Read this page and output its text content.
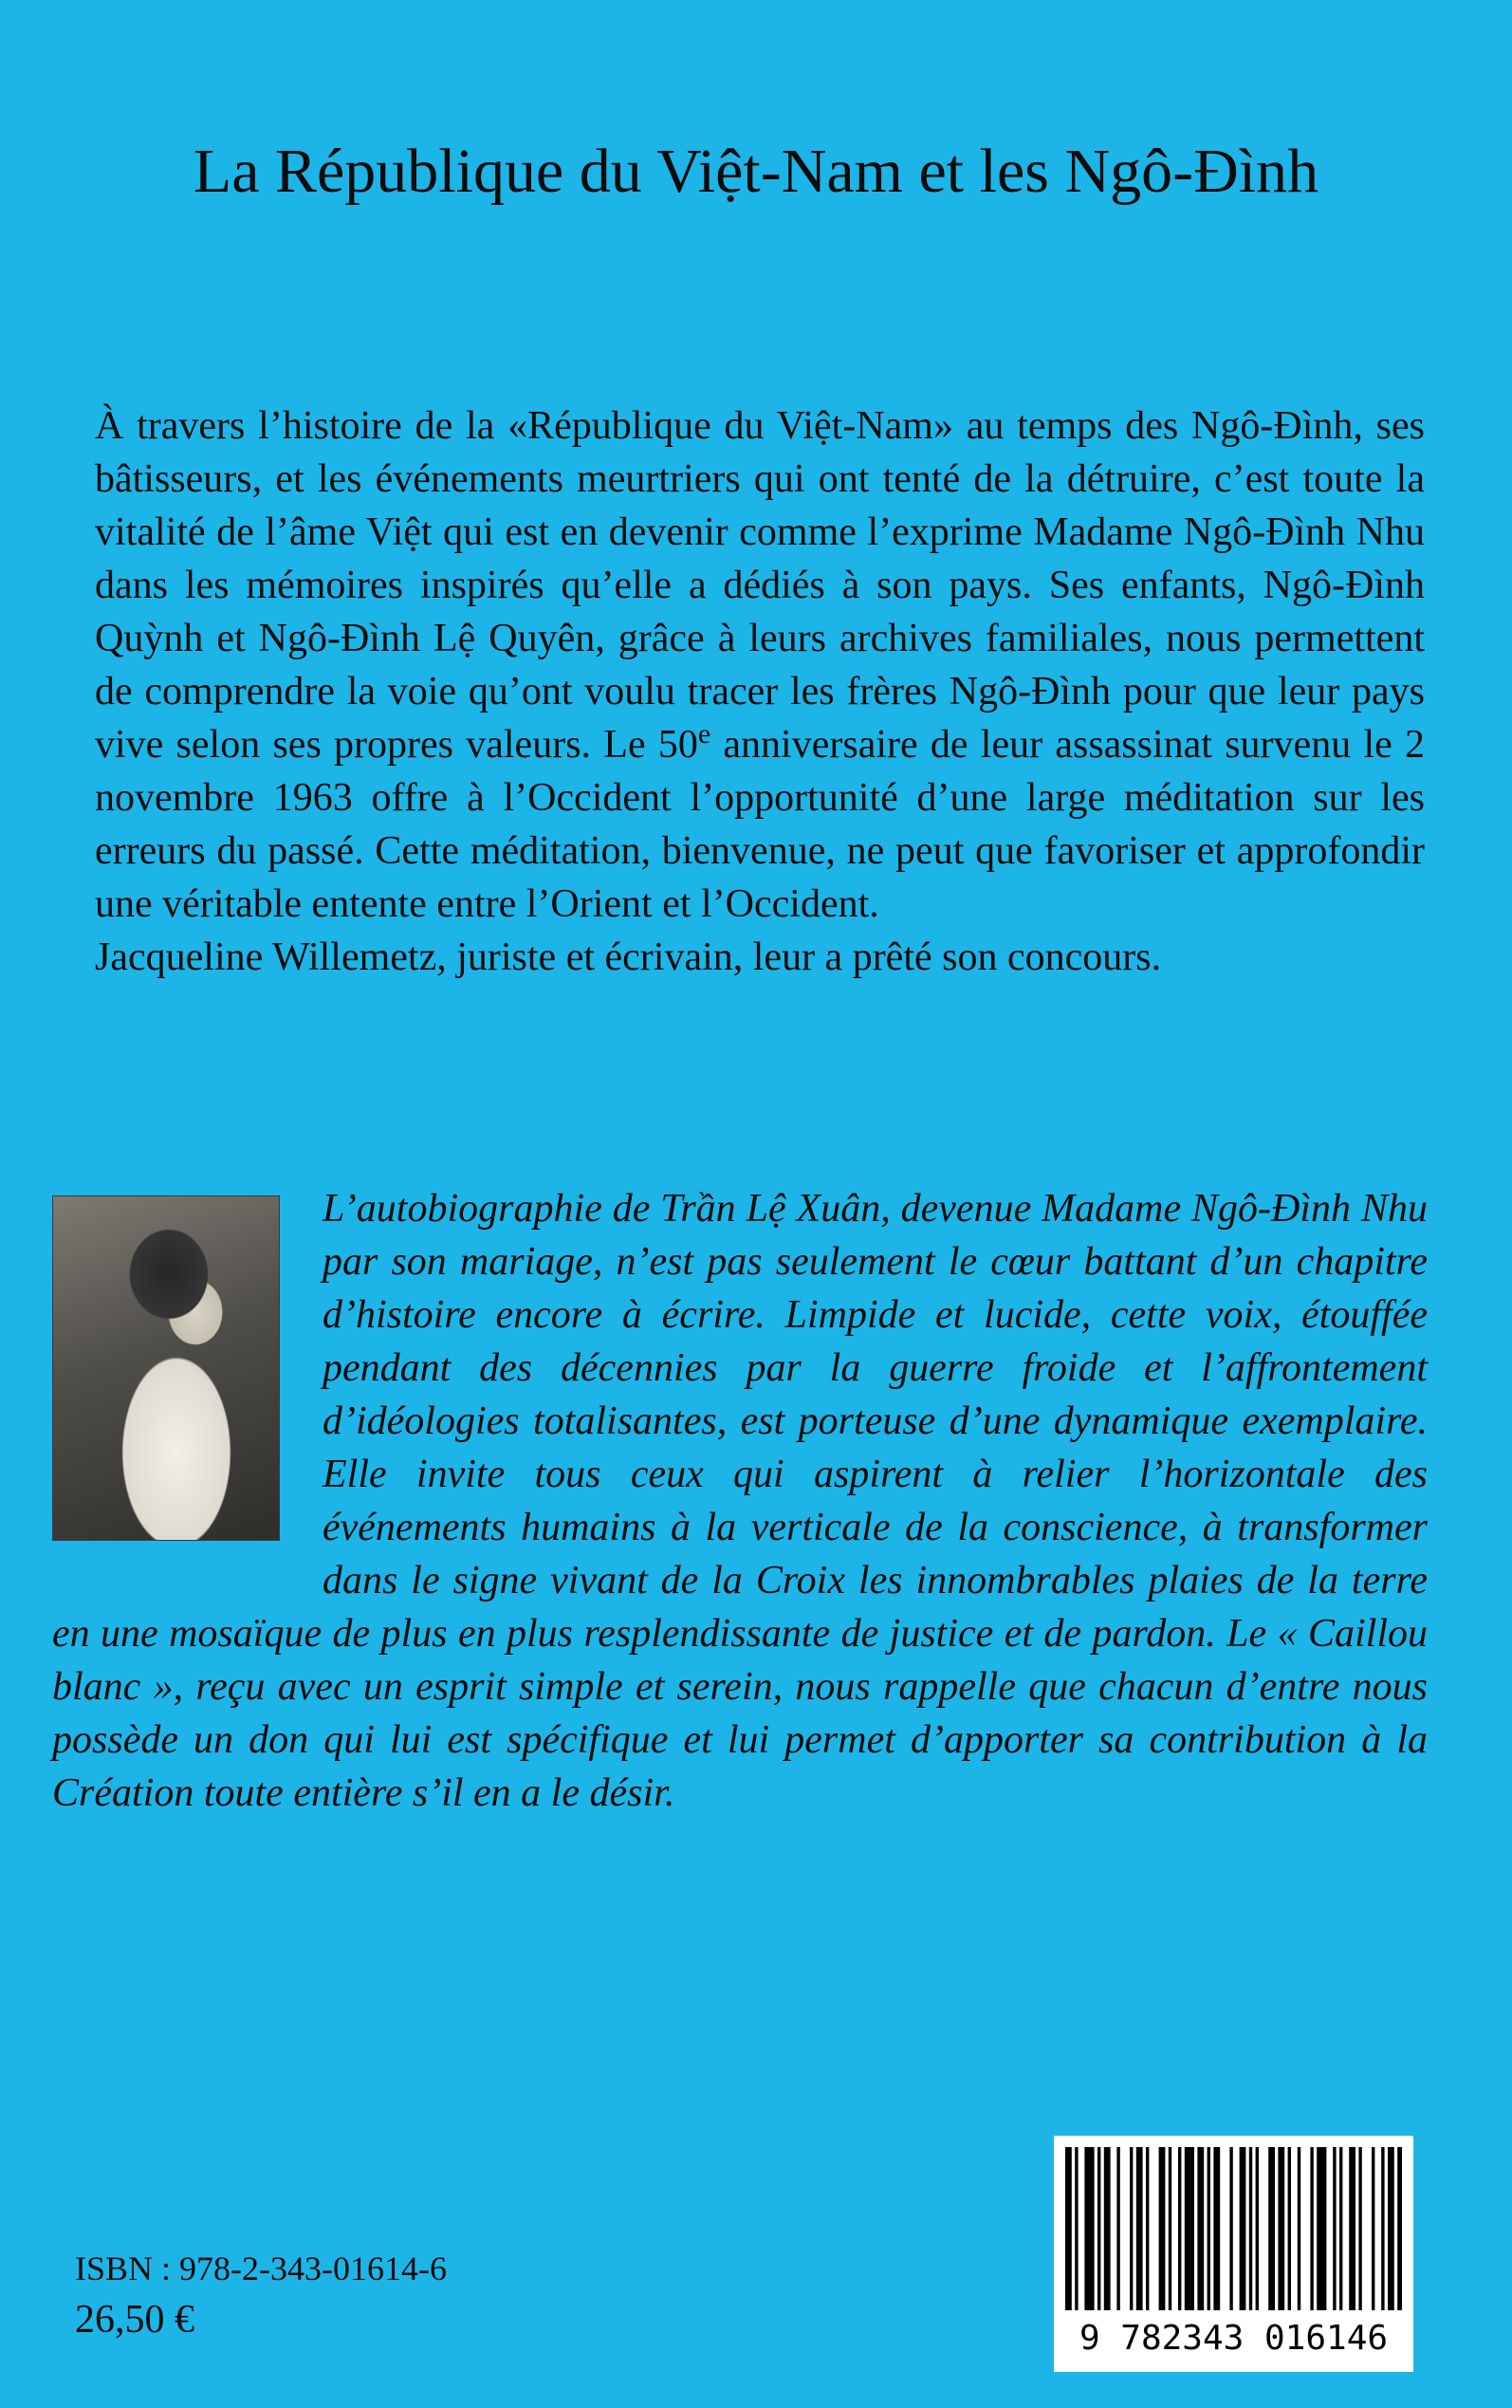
La République du Việt-Nam et les Ngô-Đình

À travers l’histoire de la «République du Việt-Nam» au temps des Ngô-Đình, ses bâtisseurs, et les événements meurtriers qui ont tenté de la détruire, c’est toute la vitalité de l’âme Việt qui est en devenir comme l’exprime Madame Ngô-Đình Nhu dans les mémoires inspirés qu’elle a dédiés à son pays. Ses enfants, Ngô-Đình Quỳnh et Ngô-Đình Lệ Quyên, grâce à leurs archives familiales, nous permettent de comprendre la voie qu’ont voulu tracer les frères Ngô-Đình pour que leur pays vive selon ses propres valeurs. Le 50e anniversaire de leur assassinat survenu le 2 novembre 1963 offre à l’Occident l’opportunité d’une large méditation sur les erreurs du passé. Cette méditation, bienvenue, ne peut que favoriser et approfondir une véritable entente entre l’Orient et l’Occident.

Jacqueline Willemetz, juriste et écrivain, leur a prêté son concours.

L’autobiographie de Trần Lệ Xuân, devenue Madame Ngô-Đình Nhu par son mariage, n’est pas seulement le cœur battant d’un chapitre d’histoire encore à écrire. Limpide et lucide, cette voix, étouffée pendant des décennies par la guerre froide et l’affrontement d’idéologies totalisantes, est porteuse d’une dynamique exemplaire. Elle invite tous ceux qui aspirent à relier l’horizontale des événements humains à la verticale de la conscience, à transformer dans le signe vivant de la Croix les innombrables plaies de la terre en une mosaïque de plus en plus resplendissante de justice et de pardon. Le « Caillou blanc », reçu avec un esprit simple et serein, nous rappelle que chacun d’entre nous possède un don qui lui est spécifique et lui permet d’apporter sa contribution à la Création toute entière s’il en a le désir.

9 782343 016146

ISBN : 978-2-343-01614-6

26,50 €
